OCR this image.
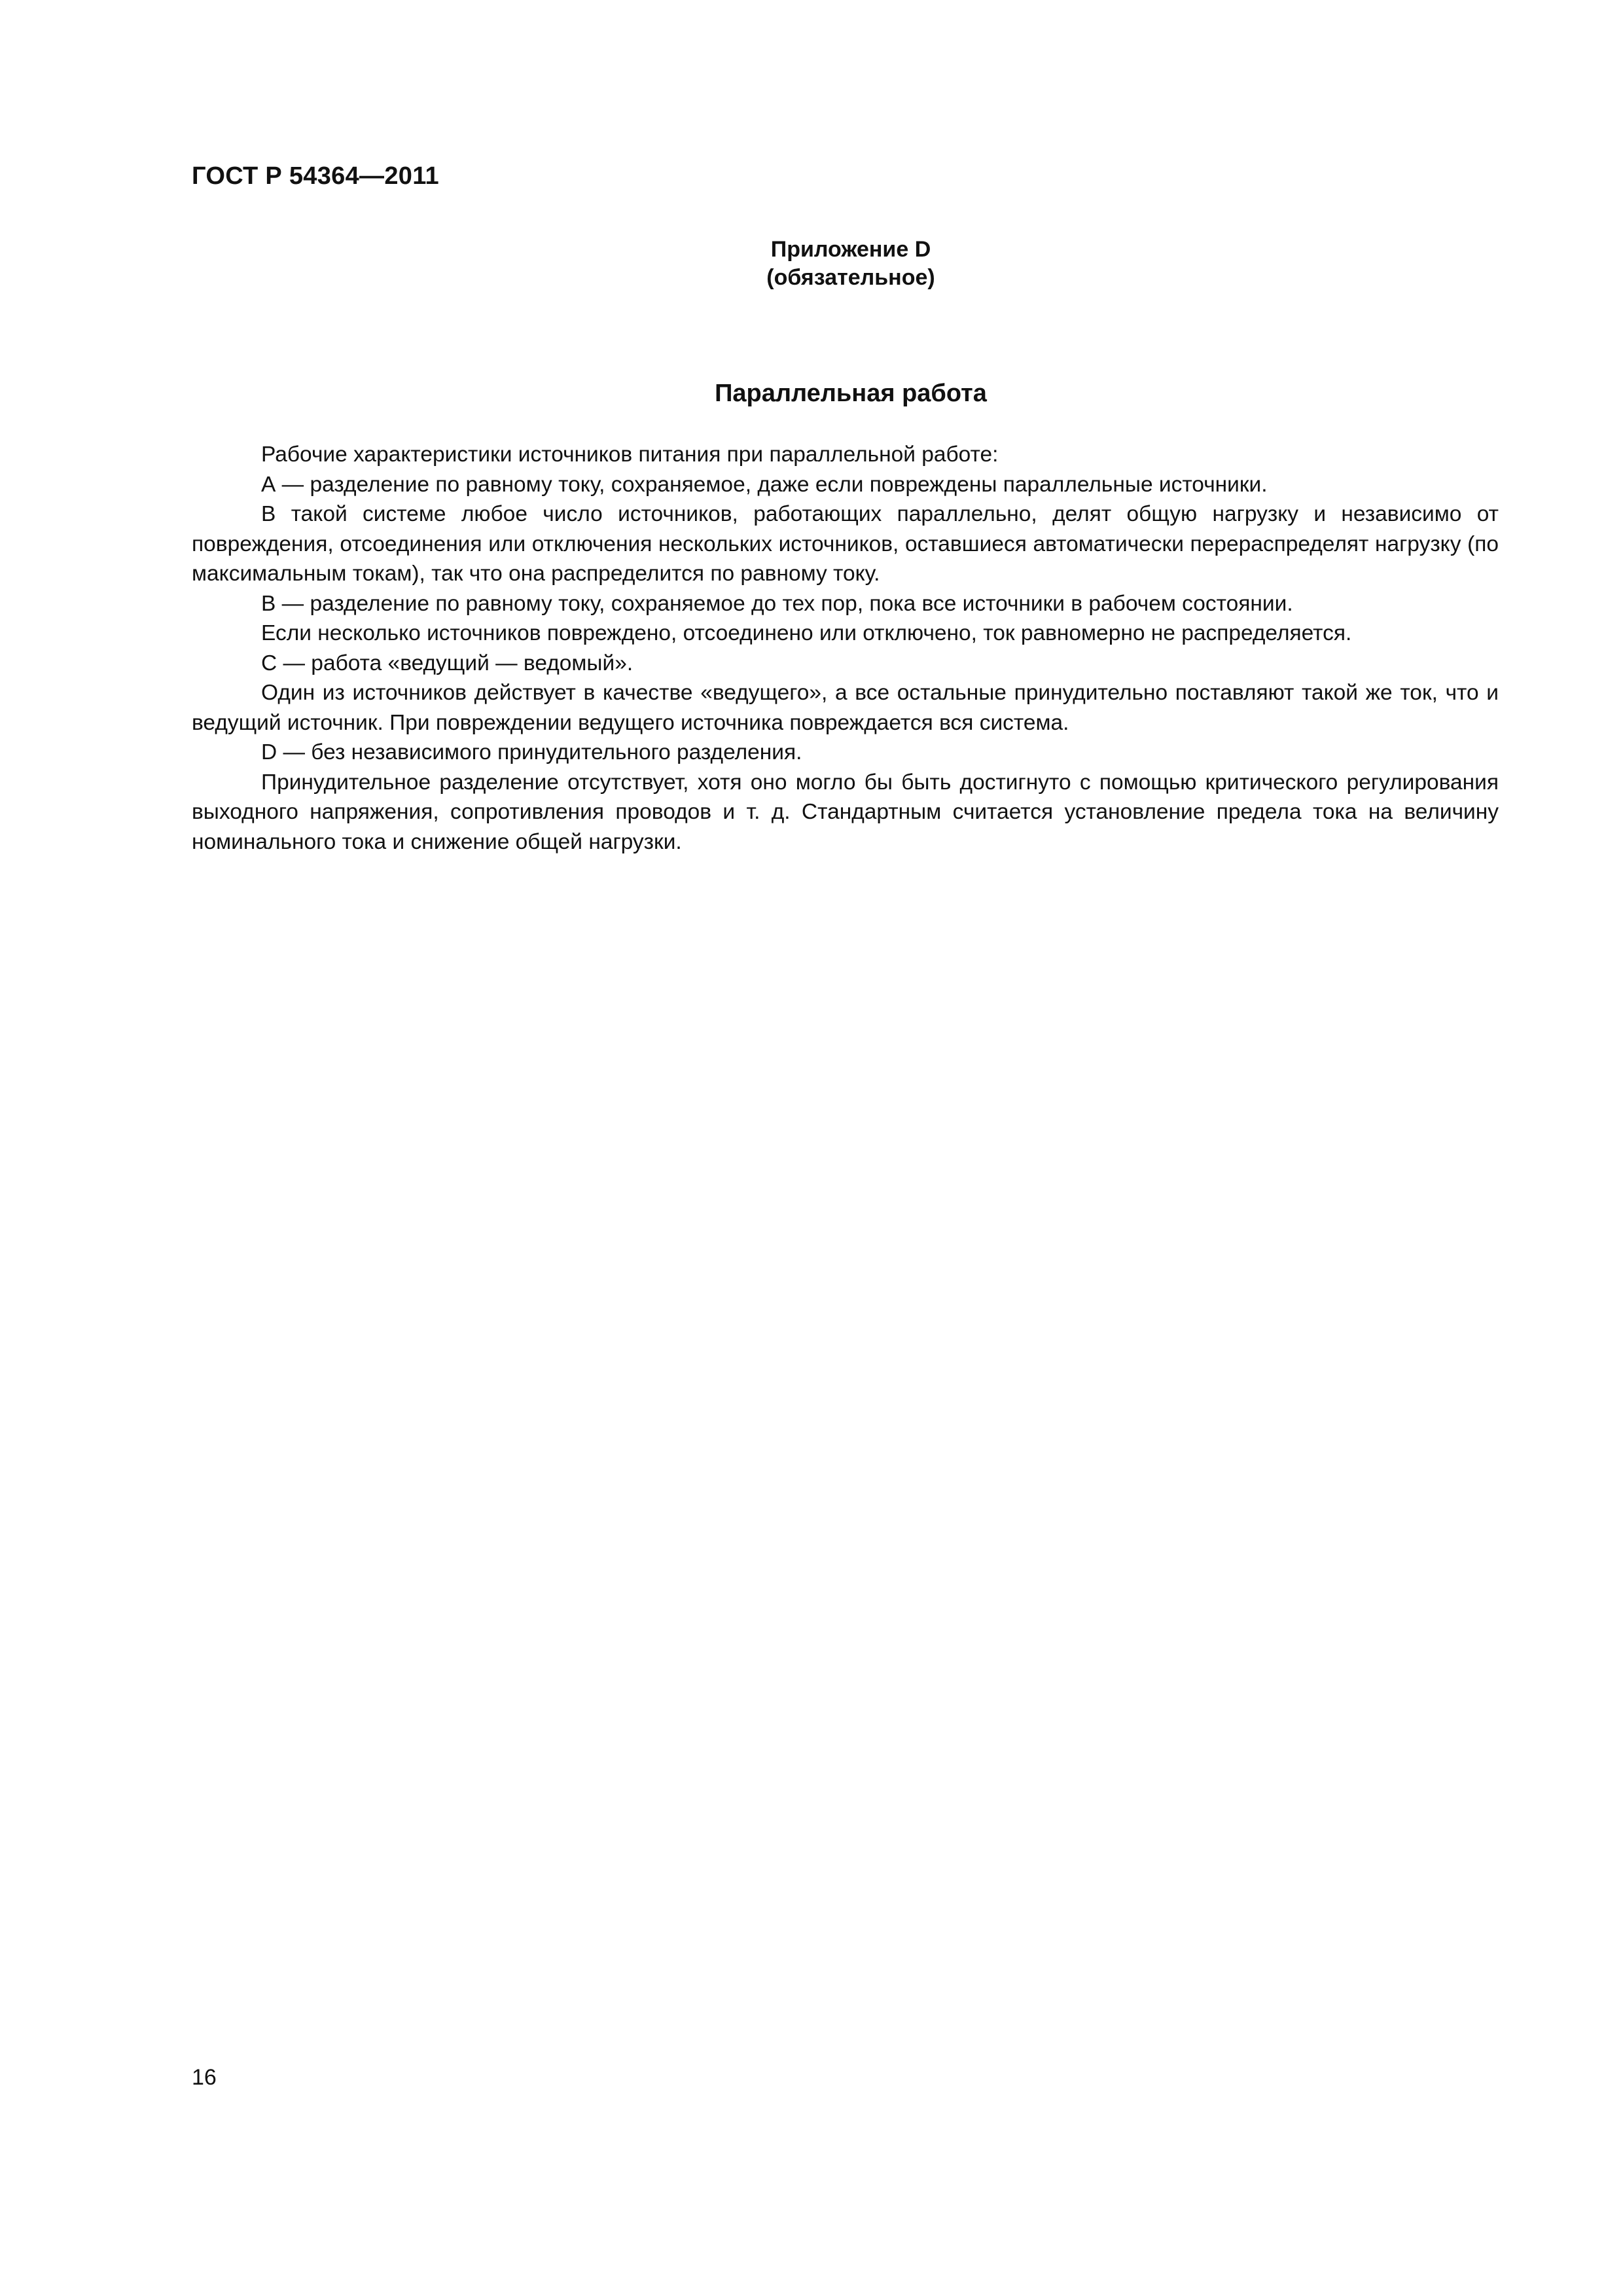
ГОСТ Р 54364—2011
Приложение D
(обязательное)
Параллельная работа

Рабочие характеристики источников питания при параллельной работе:

А — разделение по равному току, сохраняемое, даже если повреждены параллельные источники.

В такой системе любое число источников, работающих параллельно, делят общую нагрузку и независимо от повреждения, отсоединения или отключения нескольких источников, оставшиеся автоматически перераспределят нагрузку (по максимальным токам), так что она распределится по равному току.

В — разделение по равному току, сохраняемое до тех пор, пока все источники в рабочем состоянии.

Если несколько источников повреждено, отсоединено или отключено, ток равномерно не распределяется.

С — работа «ведущий — ведомый».

Один из источников действует в качестве «ведущего», а все остальные принудительно поставляют такой же ток, что и ведущий источник. При повреждении ведущего источника повреждается вся система.

D — без независимого принудительного разделения.

Принудительное разделение отсутствует, хотя оно могло бы быть достигнуто с помощью критического регулирования выходного напряжения, сопротивления проводов и т. д. Стандартным считается установление предела тока на величину номинального тока и снижение общей нагрузки.

16
